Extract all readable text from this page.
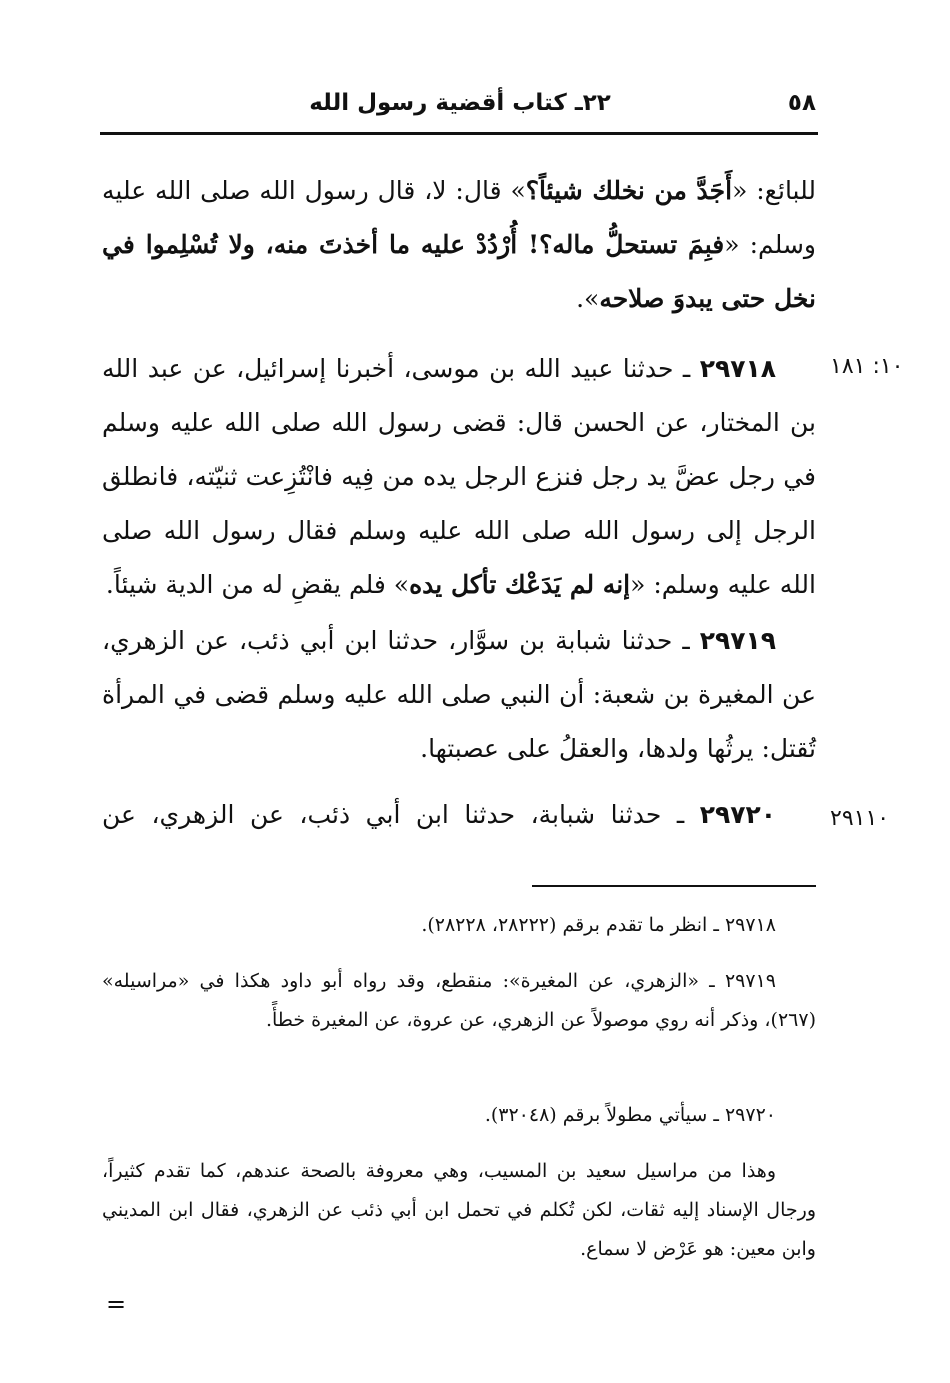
٥٨
٢٢ـ كتاب أقضية رسول الله
للبائع: «أَجَدَّ من نخلك شيئاً؟» قال: لا، قال رسول الله صلى الله عليه وسلم: «فبِمَ تستحلُّ ماله؟! أُرْدُدْ عليه ما أخذتَ منه، ولا تُسْلِموا في نخل حتى يبدوَ صلاحه».
١٠: ١٨١
٢٩٧١٨ ـ حدثنا عبيد الله بن موسى، أخبرنا إسرائيل، عن عبد الله بن المختار، عن الحسن قال: قضى رسول الله صلى الله عليه وسلم في رجل عضَّ يد رجل فنزع الرجل يده من فِيه فانْتُزِعت ثنيّته، فانطلق الرجل إلى رسول الله صلى الله عليه وسلم فقال رسول الله صلى الله عليه وسلم: «إنه لم يَدَعْك تأكل يده» فلم يقضِ له من الدية شيئاً.
٢٩٧١٩ ـ حدثنا شبابة بن سوَّار، حدثنا ابن أبي ذئب، عن الزهري، عن المغيرة بن شعبة: أن النبي صلى الله عليه وسلم قضى في المرأة تُقتل: يرثُها ولدها، والعقلُ على عصبتها.
٢٩١١٠
٢٩٧٢٠ ـ حدثنا شبابة، حدثنا ابن أبي ذئب، عن الزهري، عن
٢٩٧١٨ ـ انظر ما تقدم برقم (٢٨٢٢٢، ٢٨٢٢٨).
٢٩٧١٩ ـ «الزهري، عن المغيرة»: منقطع، وقد رواه أبو داود هكذا في «مراسيله» (٢٦٧)، وذكر أنه روي موصولاً عن الزهري، عن عروة، عن المغيرة خطأً.
٢٩٧٢٠ ـ سيأتي مطولاً برقم (٣٢٠٤٨).
وهذا من مراسيل سعيد بن المسيب، وهي معروفة بالصحة عندهم، كما تقدم كثيراً، ورجال الإسناد إليه ثقات، لكن تُكلم في تحمل ابن أبي ذئب عن الزهري، فقال ابن المديني وابن معين: هو عَرْض لا سماع.
=
